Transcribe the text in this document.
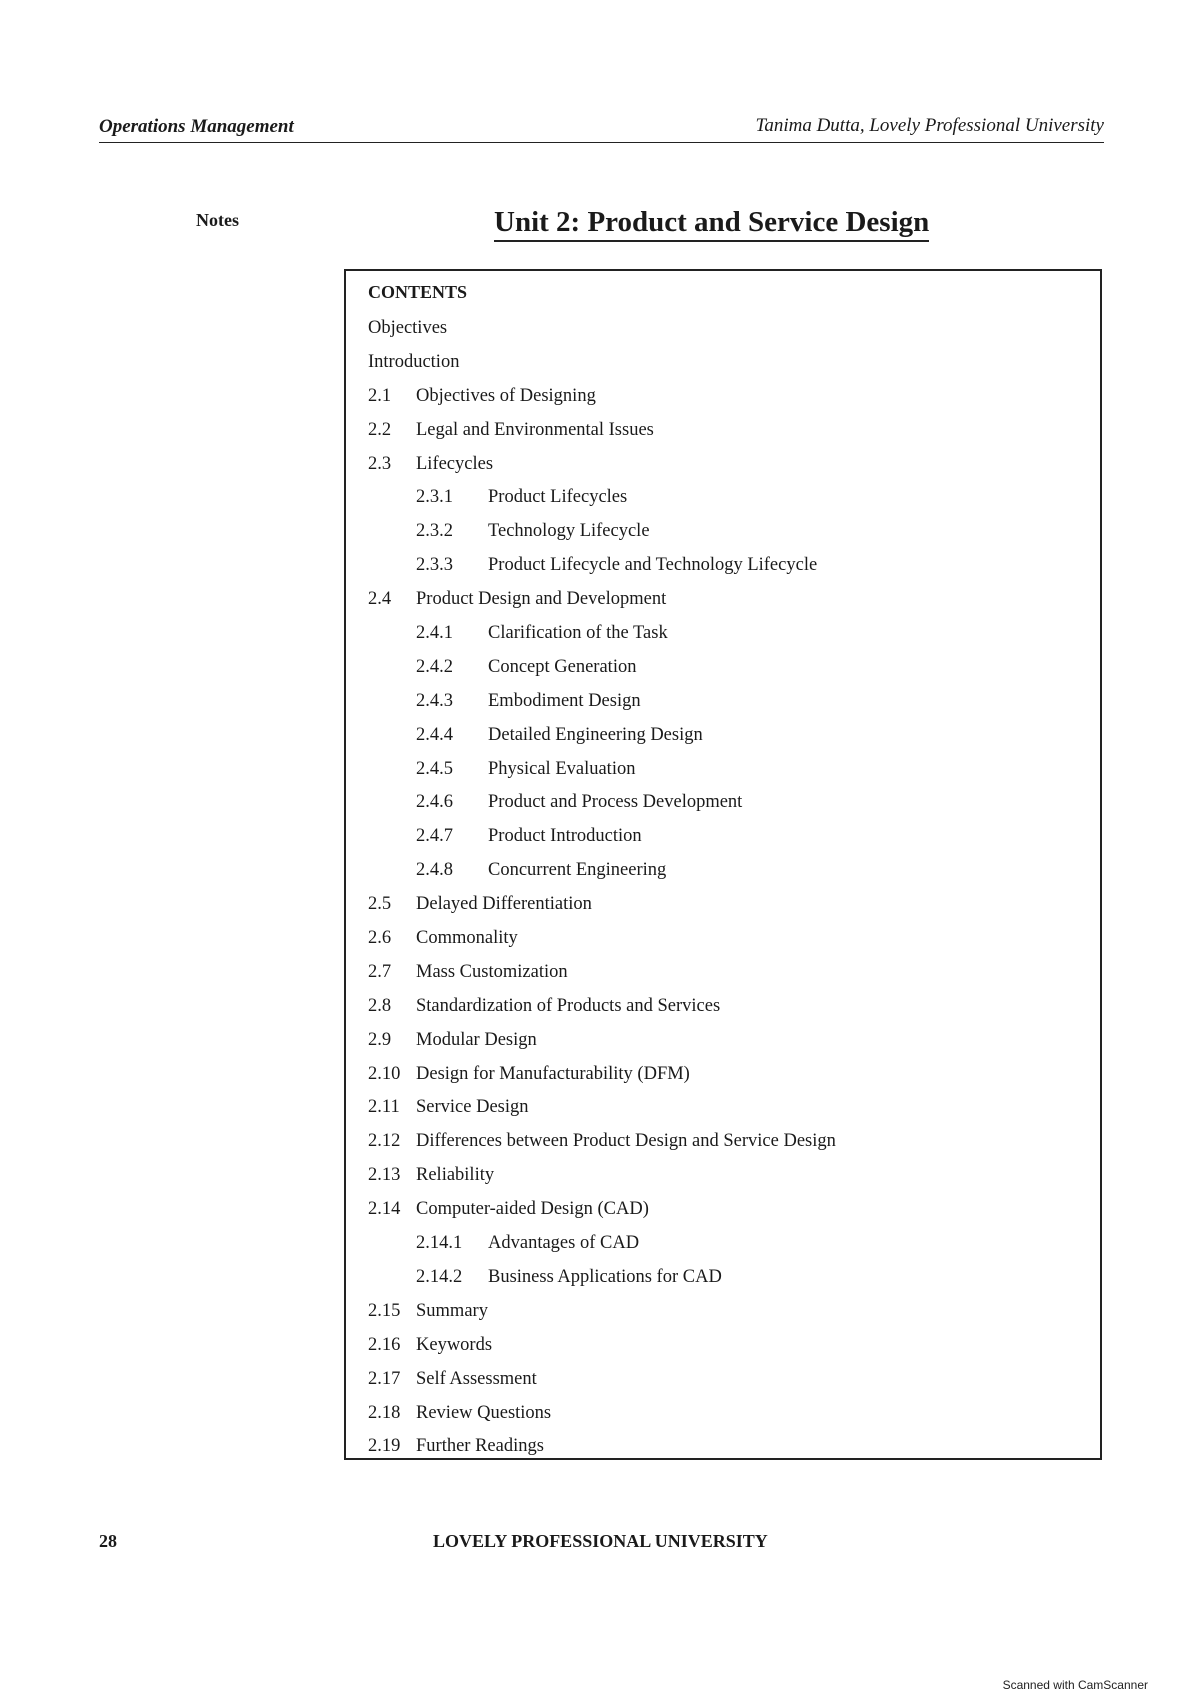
Operations Management	Tanima Dutta, Lovely Professional University
Notes	Unit 2: Product and Service Design
CONTENTS
Objectives
Introduction
2.1 Objectives of Designing
2.2 Legal and Environmental Issues
2.3 Lifecycles
2.3.1 Product Lifecycles
2.3.2 Technology Lifecycle
2.3.3 Product Lifecycle and Technology Lifecycle
2.4 Product Design and Development
2.4.1 Clarification of the Task
2.4.2 Concept Generation
2.4.3 Embodiment Design
2.4.4 Detailed Engineering Design
2.4.5 Physical Evaluation
2.4.6 Product and Process Development
2.4.7 Product Introduction
2.4.8 Concurrent Engineering
2.5 Delayed Differentiation
2.6 Commonality
2.7 Mass Customization
2.8 Standardization of Products and Services
2.9 Modular Design
2.10 Design for Manufacturability (DFM)
2.11 Service Design
2.12 Differences between Product Design and Service Design
2.13 Reliability
2.14 Computer-aided Design (CAD)
2.14.1 Advantages of CAD
2.14.2 Business Applications for CAD
2.15 Summary
2.16 Keywords
2.17 Self Assessment
2.18 Review Questions
2.19 Further Readings
28	LOVELY PROFESSIONAL UNIVERSITY
Scanned with CamScanner
